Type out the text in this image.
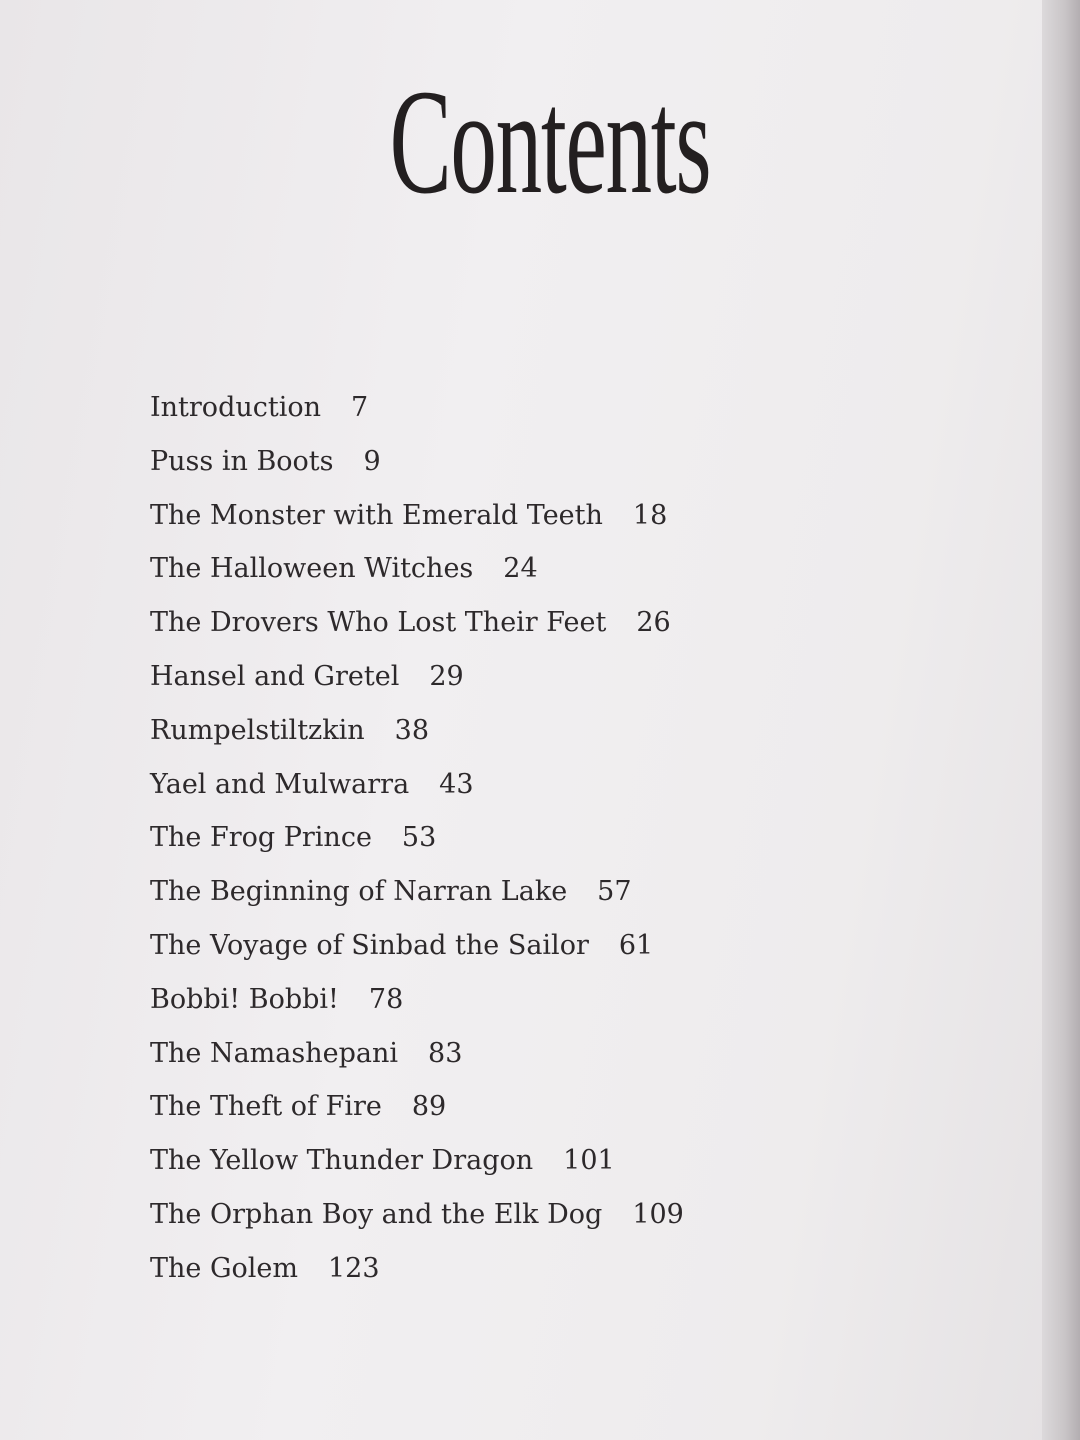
Contents
Introduction 7
Puss in Boots 9
The Monster with Emerald Teeth 18
The Halloween Witches 24
The Drovers Who Lost Their Feet 26
Hansel and Gretel 29
Rumpelstiltzkin 38
Yael and Mulwarra 43
The Frog Prince 53
The Beginning of Narran Lake 57
The Voyage of Sinbad the Sailor 61
Bobbi! Bobbi! 78
The Namashepani 83
The Theft of Fire 89
The Yellow Thunder Dragon 101
The Orphan Boy and the Elk Dog 109
The Golem 123
